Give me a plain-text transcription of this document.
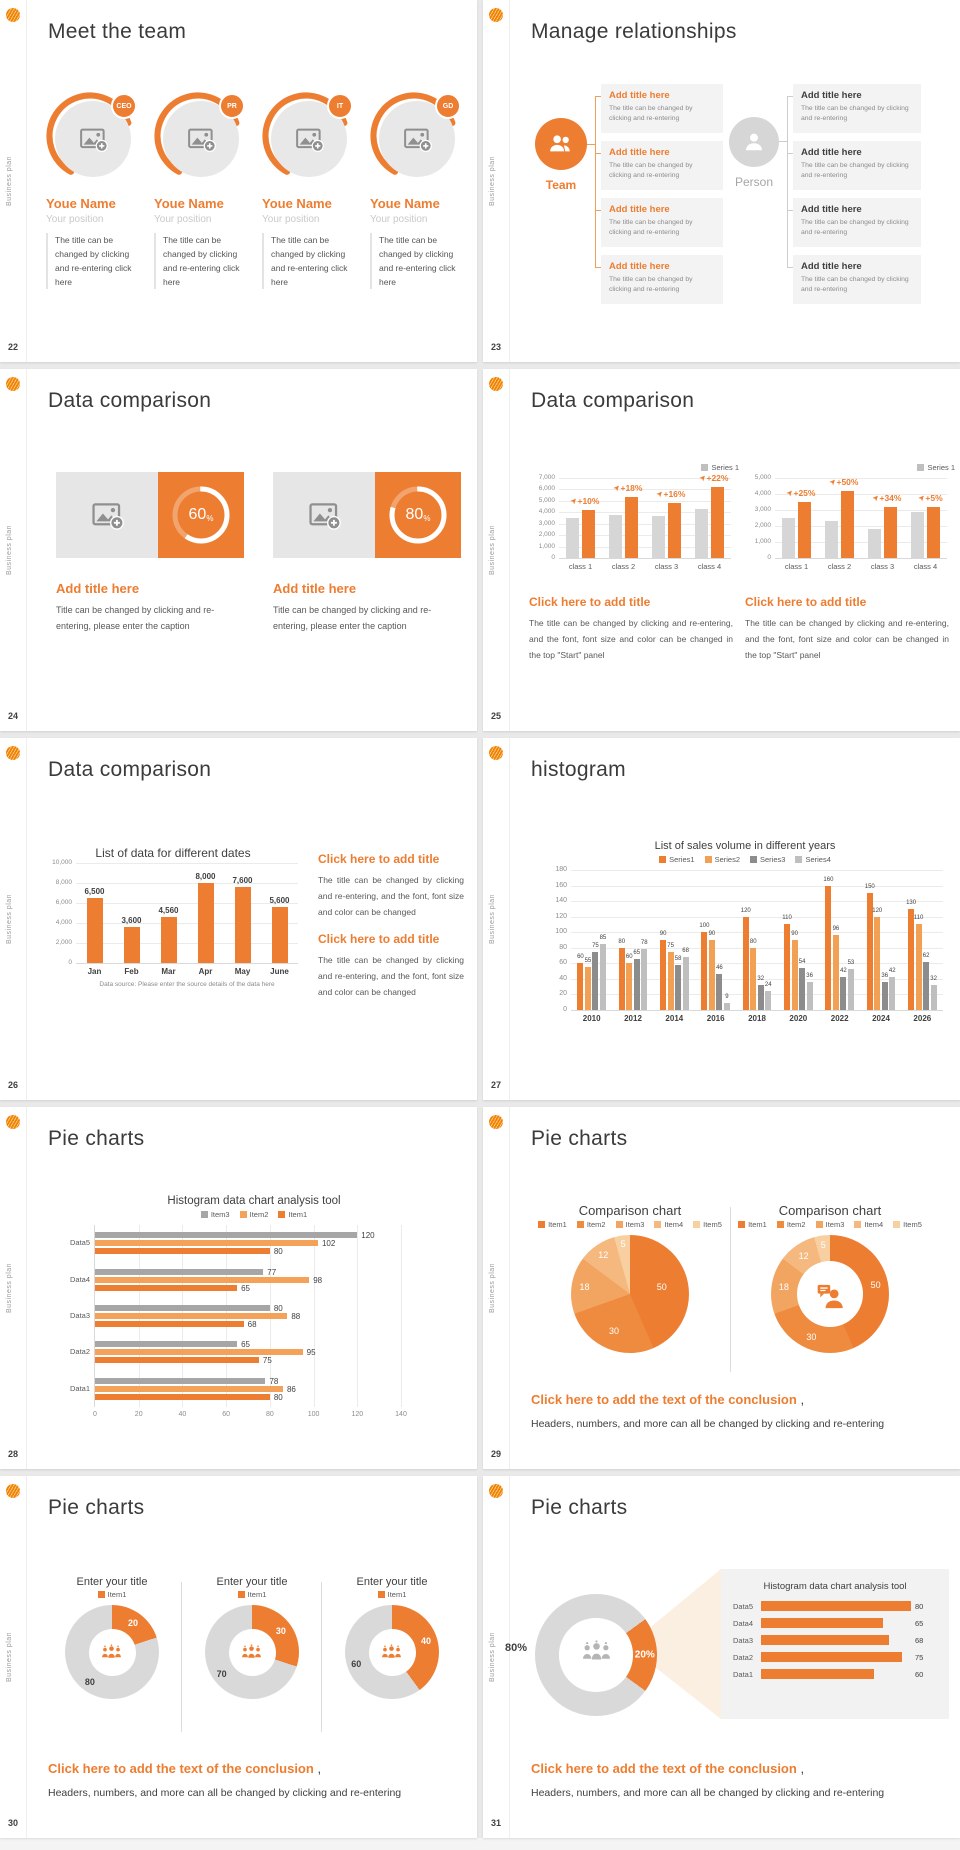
Business plan
22
Meet the team
CEO
Youe Name
Your position
The title can be changed by clicking and re-entering click here
PR
Youe Name
Your position
The title can be changed by clicking and re-entering click here
IT
Youe Name
Your position
The title can be changed by clicking and re-entering click here
GD
Youe Name
Your position
The title can be changed by clicking and re-entering click here
Business plan
23
Manage relationships
Team	Person
Add title here
The title can be changed by clicking and re-entering
Add title here
The title can be changed by clicking and re-entering
Add title here
The title can be changed by clicking and re-entering
Add title here
The title can be changed by clicking and re-entering
Add title here
The title can be changed by clicking and re-entering
Add title here
The title can be changed by clicking and re-entering
Add title here
The title can be changed by clicking and re-entering
Add title here
The title can be changed by clicking and re-entering
Business plan
24
Data comparison
60 %
Add title here
Title can be changed by clicking and re-entering, please enter the caption
80 %
Add title here
Title can be changed by clicking and re-entering, please enter the caption
Business plan
25
Data comparison
Series 1
0
1,000
2,000
3,000
4,000
5,000
6,000
7,000
class 1
➤
+10%
class 2
➤
+18%
class 3
➤
+16%
class 4
➤
+22%
Series 1
0
1,000
2,000
3,000
4,000
5,000
class 1
➤
+25%
class 2
➤
+50%
class 3
➤
+34%
class 4
➤
+5%
Click here to add title
The title can be changed by clicking and re-entering, and the font, font size and color can be changed in the top "Start" panel
Click here to add title
The title can be changed by clicking and re-entering, and the font, font size and color can be changed in the top "Start" panel
Business plan
26
Data comparison
List of data for different dates
0
2,000
4,000
6,000
8,000
10,000
Jan
6,500
Feb
3,600
Mar
4,560
Apr
8,000
May
7,600
June
5,600
Data source: Please enter the source details of the data here
Click here to add title
The title can be changed by clicking and re-entering, and the font, font size and color can be changed
Click here to add title
The title can be changed by clicking and re-entering, and the font, font size and color can be changed
Business plan
27
histogram
List of sales volume in different years
Series1	Series2	Series3	Series4
0
20
40
60
80
100
120
140
160
180
2010
60
55
75
85
2012
80
60
65
78
2014
90
75
58
68
2016
100
90
46
9
2018
120
80
32
24
2020
110
90
54
36
2022
160
96
42
53
2024
150
120
36
42
2026
130
110
62
32
Business plan
28
Pie charts
Histogram data chart analysis tool
Item3	Item2	Item1
0	20	40	60	80	100	120	140
Data5
120
102
80
Data4
77
98
65
Data3
80
88
68
Data2
65
95
75
Data1
78
86
80
Business plan
29
Pie charts
Comparison chart
Item1	Item2	Item3	Item4	Item5
50
30
18
12
5
Comparison chart
Item1	Item2	Item3	Item4	Item5
50
30
18
12
5
Click here to add the text of the conclusion ,
Headers, numbers, and more can all be changed by clicking and re-entering
Business plan
30
Pie charts
Enter your title
Item1
20
80
Enter your title
Item1
30
70
Enter your title
Item1
40
60
Click here to add the text of the conclusion ,
Headers, numbers, and more can all be changed by clicking and re-entering
Business plan
31
Pie charts
20%
80%
Histogram data chart analysis tool
Data5	80
Data4	65
Data3	68
Data2	75
Data1	60
Click here to add the text of the conclusion ,
Headers, numbers, and more can all be changed by clicking and re-entering
